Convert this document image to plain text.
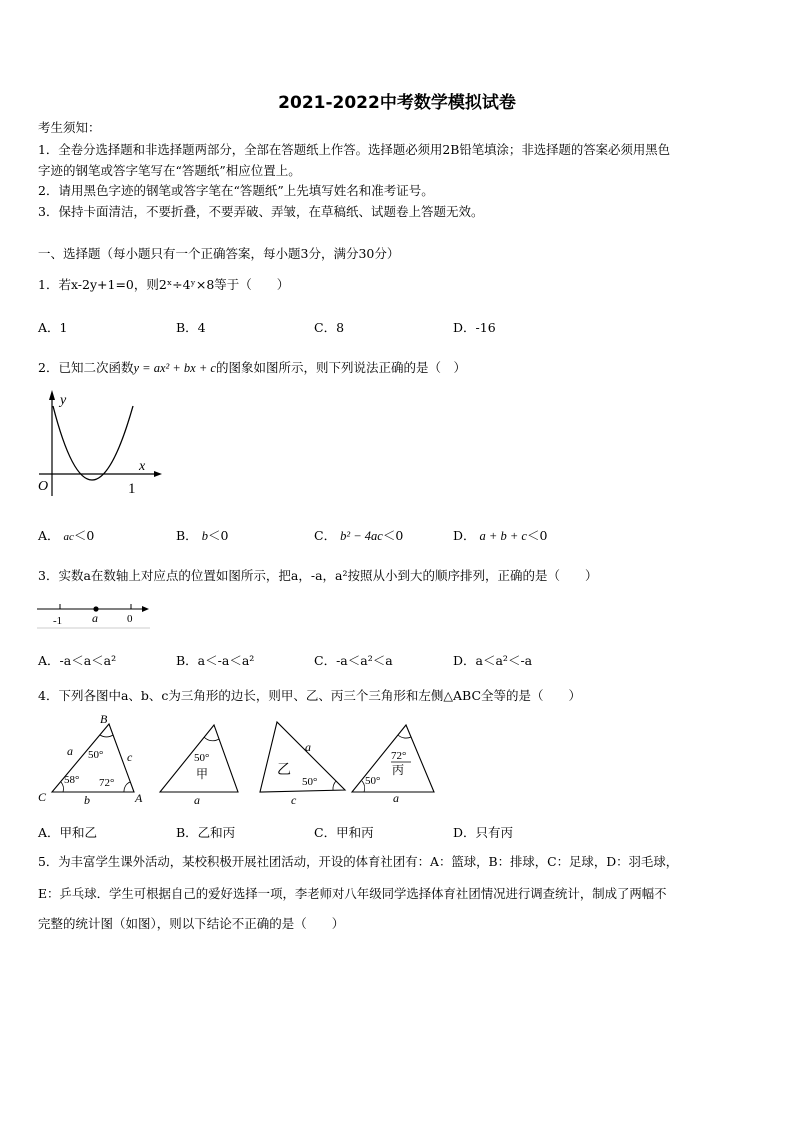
2021-2022中考数学模拟试卷
考生须知：
1．全卷分选择题和非选择题两部分，全部在答题纸上作答。选择题必须用2B铅笔填涂；非选择题的答案必须用黑色
字迹的钢笔或答字笔写在“答题纸”相应位置上。
2．请用黑色字迹的钢笔或答字笔在“答题纸”上先填写姓名和准考证号。
3．保持卡面清洁，不要折叠，不要弄破、弄皱，在草稿纸、试题卷上答题无效。
一、选择题（每小题只有一个正确答案，每小题3分，满分30分）
1．若x-2y+1=0，则2ˣ÷4ʸ×8等于（　　）
A．1	B．4	C．8	D．-16
2．已知二次函数y = ax² + bx + c的图象如图所示，则下列说法正确的是（　）
y
x
O	1
A． ac＜0	B． b＜0	C． b² − 4ac＜0	D． a + b + c＜0
3．实数a在数轴上对应点的位置如图所示，把a，-a，a²按照从小到大的顺序排列，正确的是（　　）
-1 a	0
A．-a＜a＜a²	B．a＜-a＜a²	C．-a＜a²＜a	D．a＜a²＜-a
4．下列各图中a、b、c为三角形的边长，则甲、乙、丙三个三角形和左侧△ABC全等的是（　　）
B
A
C
a
b
c
50°
58° 72°
50°
甲
a
乙
a
50°
c
72°
丙
50°
a
A．甲和乙	B．乙和丙	C．甲和丙	D．只有丙
5．为丰富学生课外活动，某校积极开展社团活动，开设的体育社团有：A：篮球，B：排球，C：足球，D：羽毛球，
E：乒乓球．学生可根据自己的爱好选择一项，李老师对八年级同学选择体育社团情况进行调查统计，制成了两幅不
完整的统计图（如图），则以下结论不正确的是（　　）
